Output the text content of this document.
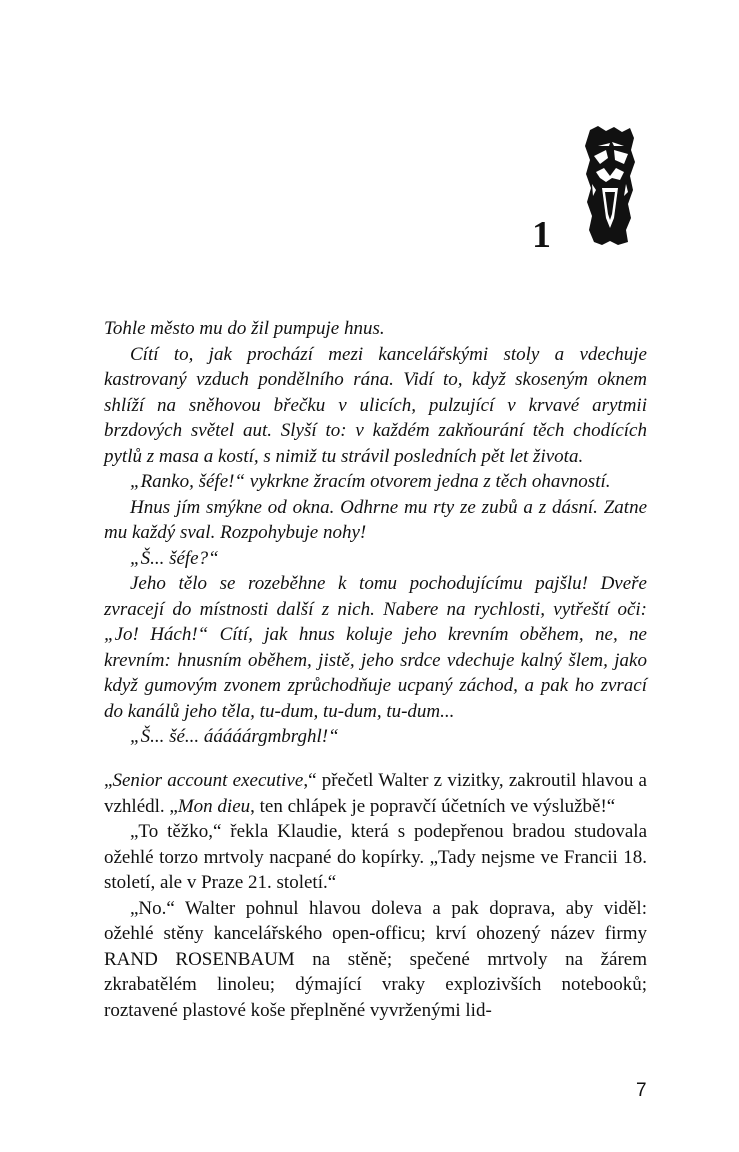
1

Tohle město mu do žil pumpuje hnus.

Cítí to, jak prochází mezi kancelářskými stoly a vdechuje kastrovaný vzduch pondělního rána. Vidí to, když skoseným oknem shlíží na sněhovou břečku v ulicích, pulzující v krvavé arytmii brzdových světel aut. Slyší to: v každém zakňourání těch chodících pytlů z masa a kostí, s nimiž tu strávil posledních pět let života.

„Ranko, šéfe!“ vykrkne žracím otvorem jedna z těch ohavností.

Hnus jím smýkne od okna. Odhrne mu rty ze zubů a z dásní. Zatne mu každý sval. Rozpohybuje nohy!

„Š... šéfe?“

Jeho tělo se rozeběhne k tomu pochodujícímu pajšlu! Dveře zvracejí do místnosti další z nich. Nabere na rychlosti, vytřeští oči: „Jo! Hách!“ Cítí, jak hnus koluje jeho krevním oběhem, ne, ne krevním: hnusním oběhem, jistě, jeho srdce vdechuje kalný šlem, jako když gumovým zvonem zprůchodňuje ucpaný záchod, a pak ho zvrací do kanálů jeho těla, tu-dum, tu-dum, tu-dum...

„Š... šé... ááááárgmbrghl!“

„Senior account executive,“ přečetl Walter z vizitky, zakroutil hlavou a vzhlédl. „Mon dieu, ten chlápek je popravčí účetních ve výslužbě!“

„To těžko,“ řekla Klaudie, která s podepřenou bradou studovala ožehlé torzo mrtvoly nacpané do kopírky. „Tady nejsme ve Francii 18. století, ale v Praze 21. století.“

„No.“ Walter pohnul hlavou doleva a pak doprava, aby viděl: ožehlé stěny kancelářského open-officu; krví ohozený název firmy RAND ROSENBAUM na stěně; spečené mrtvoly na žárem zkrabatělém linoleu; dýmající vraky explozivších notebooků; roztavené plastové koše přeplněné vyvrženými lid-

7
